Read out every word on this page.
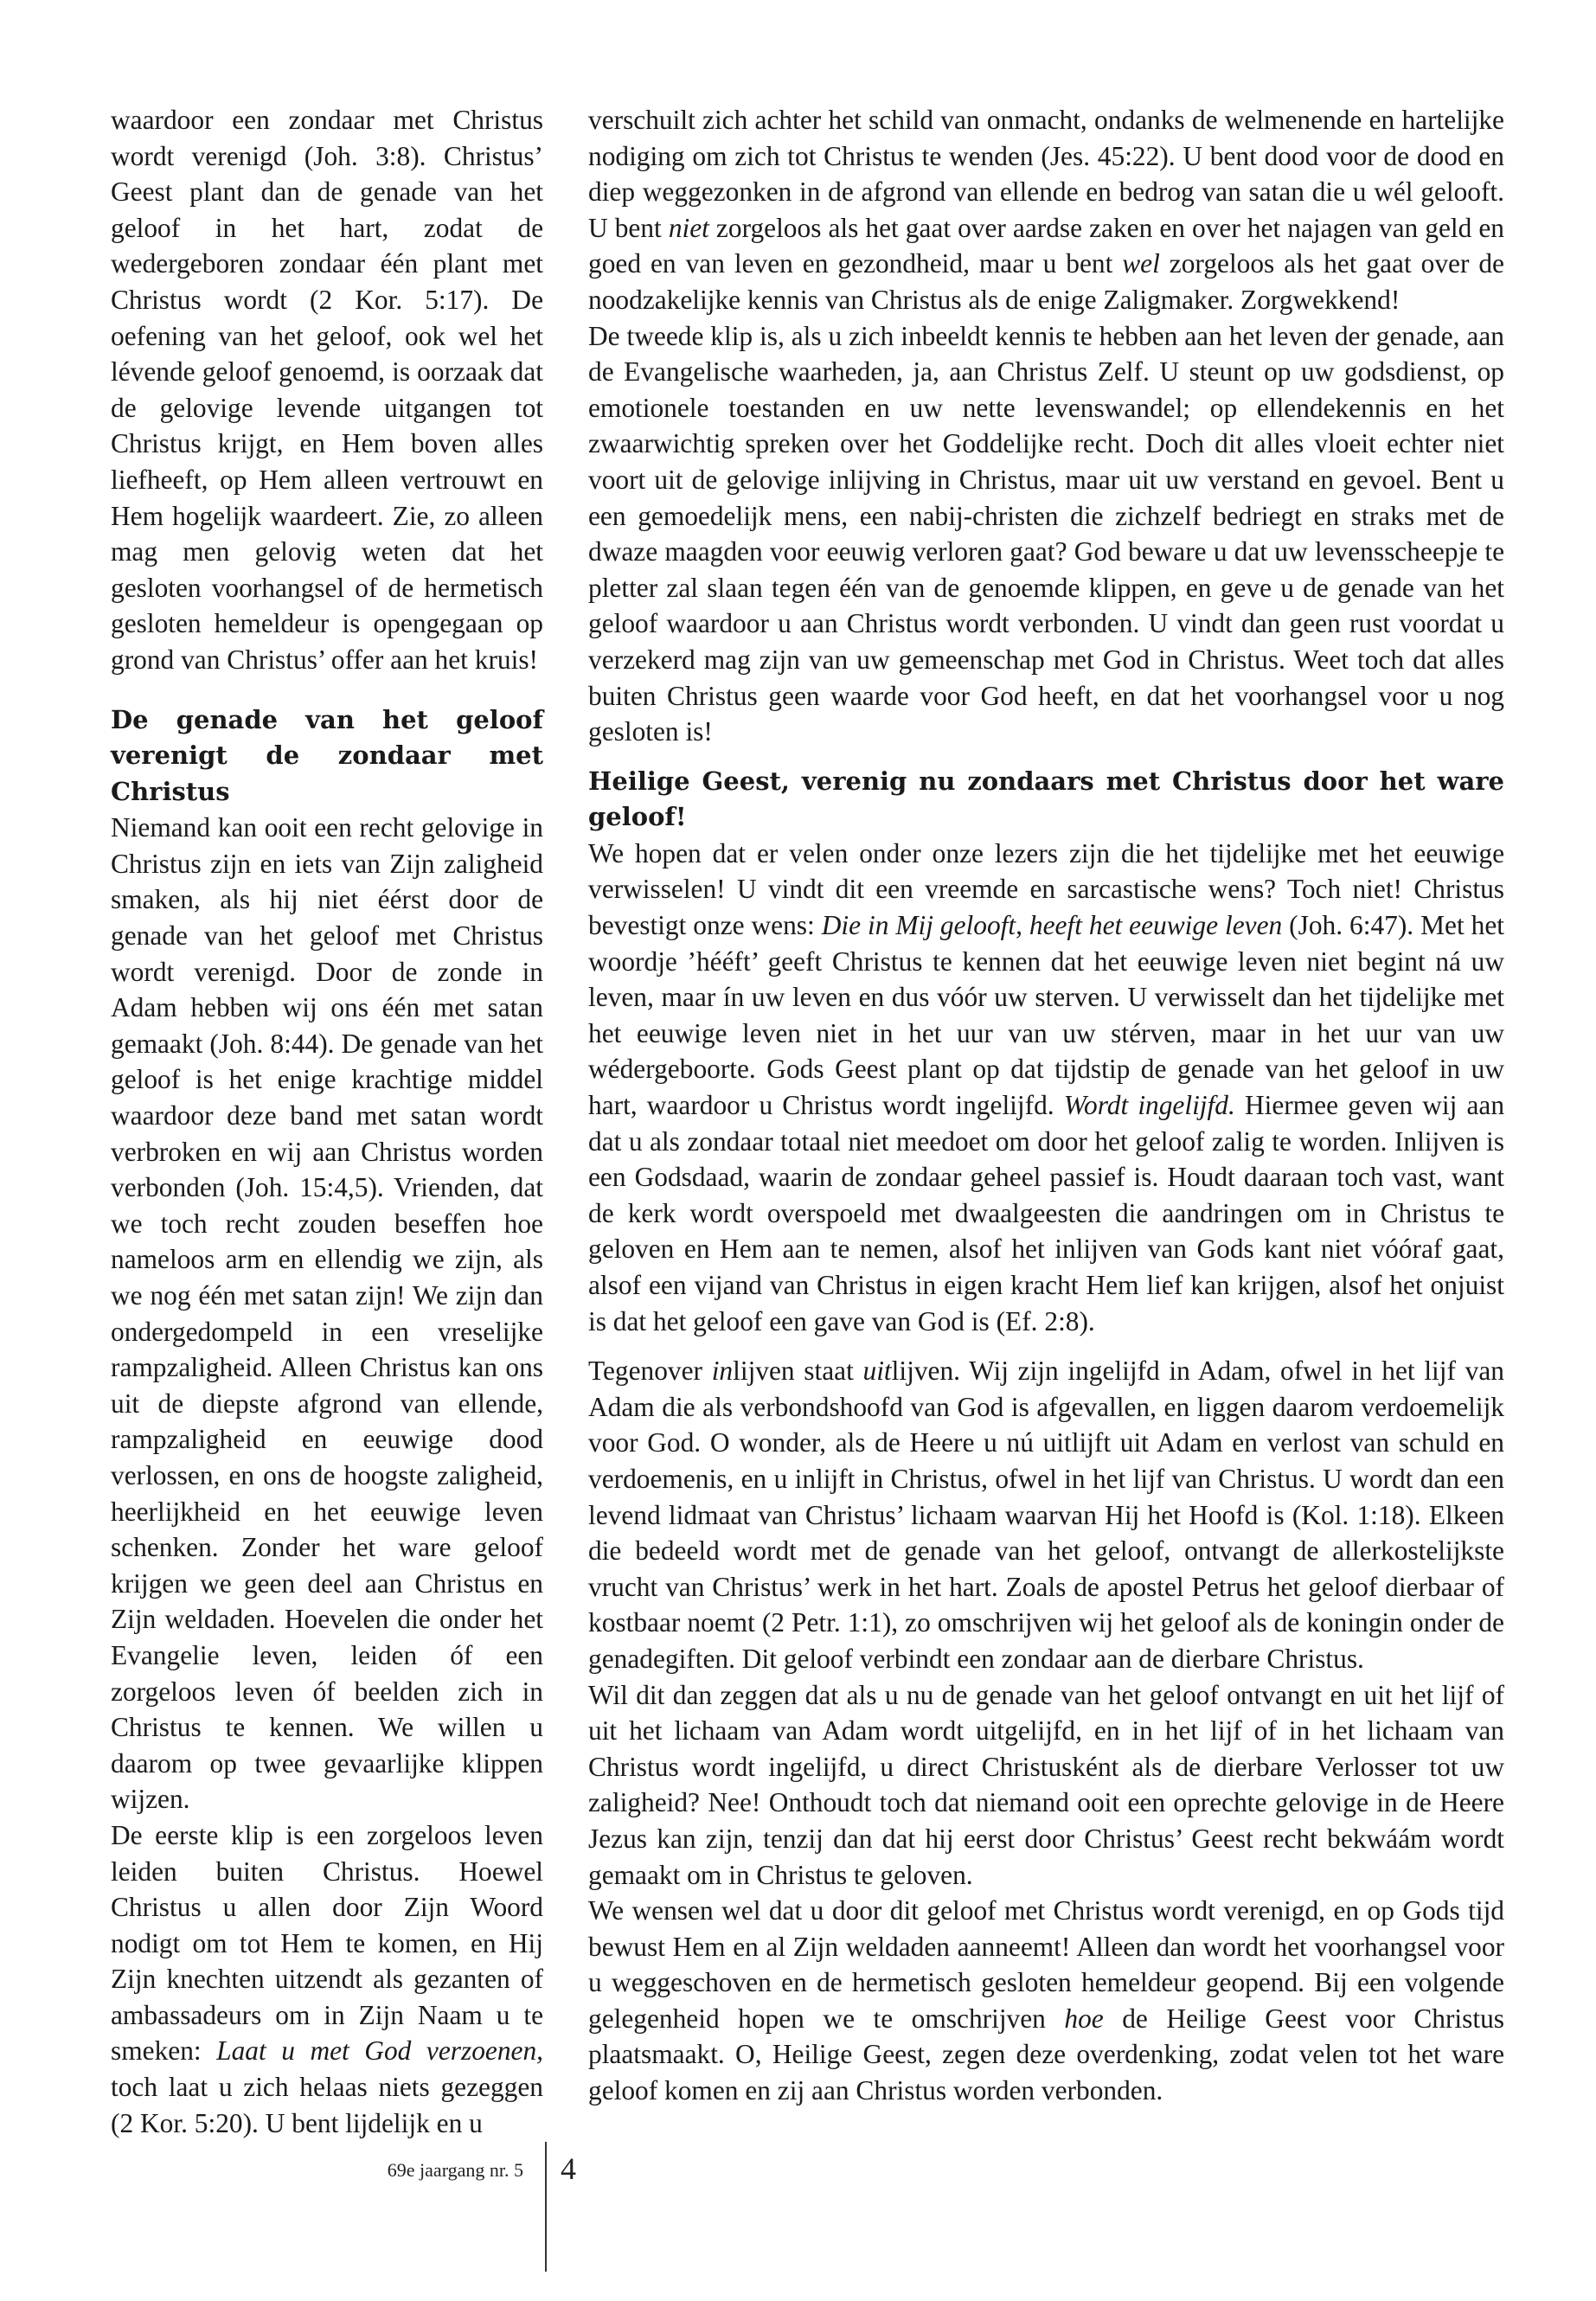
waardoor een zondaar met Christus wordt verenigd (Joh. 3:8). Christus’ Geest plant dan de genade van het geloof in het hart, zodat de wedergeboren zondaar één plant met Christus wordt (2 Kor. 5:17). De oefening van het geloof, ook wel het lévende geloof genoemd, is oorzaak dat de gelovige levende uitgangen tot Christus krijgt, en Hem boven alles liefheeft, op Hem alleen vertrouwt en Hem hogelijk waardeert. Zie, zo alleen mag men gelovig weten dat het gesloten voorhangsel of de hermetisch gesloten hemeldeur is opengegaan op grond van Christus’ offer aan het kruis!

De genade van het geloof verenigt de zondaar met Christus

Niemand kan ooit een recht gelovige in Christus zijn en iets van Zijn zaligheid smaken, als hij niet éérst door de genade van het geloof met Christus wordt verenigd. Door de zonde in Adam hebben wij ons één met satan gemaakt (Joh. 8:44). De genade van het geloof is het enige krachtige middel waardoor deze band met satan wordt verbroken en wij aan Christus worden verbonden (Joh. 15:4,5). Vrienden, dat we toch recht zouden beseffen hoe nameloos arm en ellendig we zijn, als we nog één met satan zijn! We zijn dan ondergedompeld in een vreselijke rampzaligheid. Alleen Christus kan ons uit de diepste afgrond van ellende, rampzaligheid en eeuwige dood verlossen, en ons de hoogste zaligheid, heerlijkheid en het eeuwige leven schenken. Zonder het ware geloof krijgen we geen deel aan Christus en Zijn weldaden. Hoevelen die onder het Evangelie leven, leiden óf een zorgeloos leven óf beelden zich in Christus te kennen. We willen u daarom op twee gevaarlijke klippen wijzen.

De eerste klip is een zorgeloos leven leiden buiten Christus. Hoewel Christus u allen door Zijn Woord nodigt om tot Hem te komen, en Hij Zijn knechten uitzendt als gezanten of ambassadeurs om in Zijn Naam u te smeken: Laat u met God verzoenen, toch laat u zich helaas niets gezeggen (2 Kor. 5:20). U bent lijdelijk en u

verschuilt zich achter het schild van onmacht, ondanks de welmenende en hartelijke nodiging om zich tot Christus te wenden (Jes. 45:22). U bent dood voor de dood en diep weggezonken in de afgrond van ellende en bedrog van satan die u wél gelooft. U bent niet zorgeloos als het gaat over aardse zaken en over het najagen van geld en goed en van leven en gezondheid, maar u bent wel zorgeloos als het gaat over de noodzakelijke kennis van Christus als de enige Zaligmaker. Zorgwekkend!

De tweede klip is, als u zich inbeeldt kennis te hebben aan het leven der genade, aan de Evangelische waarheden, ja, aan Christus Zelf. U steunt op uw godsdienst, op emotionele toestanden en uw nette levenswandel; op ellendekennis en het zwaarwichtig spreken over het Goddelijke recht. Doch dit alles vloeit echter niet voort uit de gelovige inlijving in Christus, maar uit uw verstand en gevoel. Bent u een gemoedelijk mens, een nabij-christen die zichzelf bedriegt en straks met de dwaze maagden voor eeuwig verloren gaat? God beware u dat uw levensscheepje te pletter zal slaan tegen één van de genoemde klippen, en geve u de genade van het geloof waardoor u aan Christus wordt verbonden. U vindt dan geen rust voordat u verzekerd mag zijn van uw gemeenschap met God in Christus. Weet toch dat alles buiten Christus geen waarde voor God heeft, en dat het voorhangsel voor u nog gesloten is!

Heilige Geest, verenig nu zondaars met Christus door het ware geloof!

We hopen dat er velen onder onze lezers zijn die het tijdelijke met het eeuwige verwisselen! U vindt dit een vreemde en sarcastische wens? Toch niet! Christus bevestigt onze wens: Die in Mij gelooft, heeft het eeuwige leven (Joh. 6:47). Met het woordje ’hééft’ geeft Christus te kennen dat het eeuwige leven niet begint ná uw leven, maar ín uw leven en dus vóór uw sterven. U verwisselt dan het tijdelijke met het eeuwige leven niet in het uur van uw stérven, maar in het uur van uw wédergeboorte. Gods Geest plant op dat tijdstip de genade van het geloof in uw hart, waardoor u Christus wordt ingelijfd. Wordt ingelijfd. Hiermee geven wij aan dat u als zondaar totaal niet meedoet om door het geloof zalig te worden. Inlijven is een Godsdaad, waarin de zondaar geheel passief is. Houdt daaraan toch vast, want de kerk wordt overspoeld met dwaalgeesten die aandringen om in Christus te geloven en Hem aan te nemen, alsof het inlijven van Gods kant niet vóóraf gaat, alsof een vijand van Christus in eigen kracht Hem lief kan krijgen, alsof het onjuist is dat het geloof een gave van God is (Ef. 2:8).

Tegenover inlijven staat uitlijven. Wij zijn ingelijfd in Adam, ofwel in het lijf van Adam die als verbondshoofd van God is afgevallen, en liggen daarom verdoemelijk voor God. O wonder, als de Heere u nú uitlijft uit Adam en verlost van schuld en verdoemenis, en u inlijft in Christus, ofwel in het lijf van Christus. U wordt dan een levend lidmaat van Christus’ lichaam waarvan Hij het Hoofd is (Kol. 1:18). Elkeen die bedeeld wordt met de genade van het geloof, ontvangt de allerkostelijkste vrucht van Christus’ werk in het hart. Zoals de apostel Petrus het geloof dierbaar of kostbaar noemt (2 Petr. 1:1), zo omschrijven wij het geloof als de koningin onder de genadegiften. Dit geloof verbindt een zondaar aan de dierbare Christus.

Wil dit dan zeggen dat als u nu de genade van het geloof ontvangt en uit het lijf of uit het lichaam van Adam wordt uitgelijfd, en in het lijf of in het lichaam van Christus wordt ingelijfd, u direct Christusként als de dierbare Verlosser tot uw zaligheid? Nee! Onthoudt toch dat niemand ooit een oprechte gelovige in de Heere Jezus kan zijn, tenzij dan dat hij eerst door Christus’ Geest recht bekwáám wordt gemaakt om in Christus te geloven.

We wensen wel dat u door dit geloof met Christus wordt verenigd, en op Gods tijd bewust Hem en al Zijn weldaden aanneemt! Alleen dan wordt het voorhangsel voor u weggeschoven en de hermetisch gesloten hemeldeur geopend. Bij een volgende gelegenheid hopen we te omschrijven hoe de Heilige Geest voor Christus plaatsmaakt. O, Heilige Geest, zegen deze overdenking, zodat velen tot het ware geloof komen en zij aan Christus worden verbonden.

69e jaargang nr. 5 4
